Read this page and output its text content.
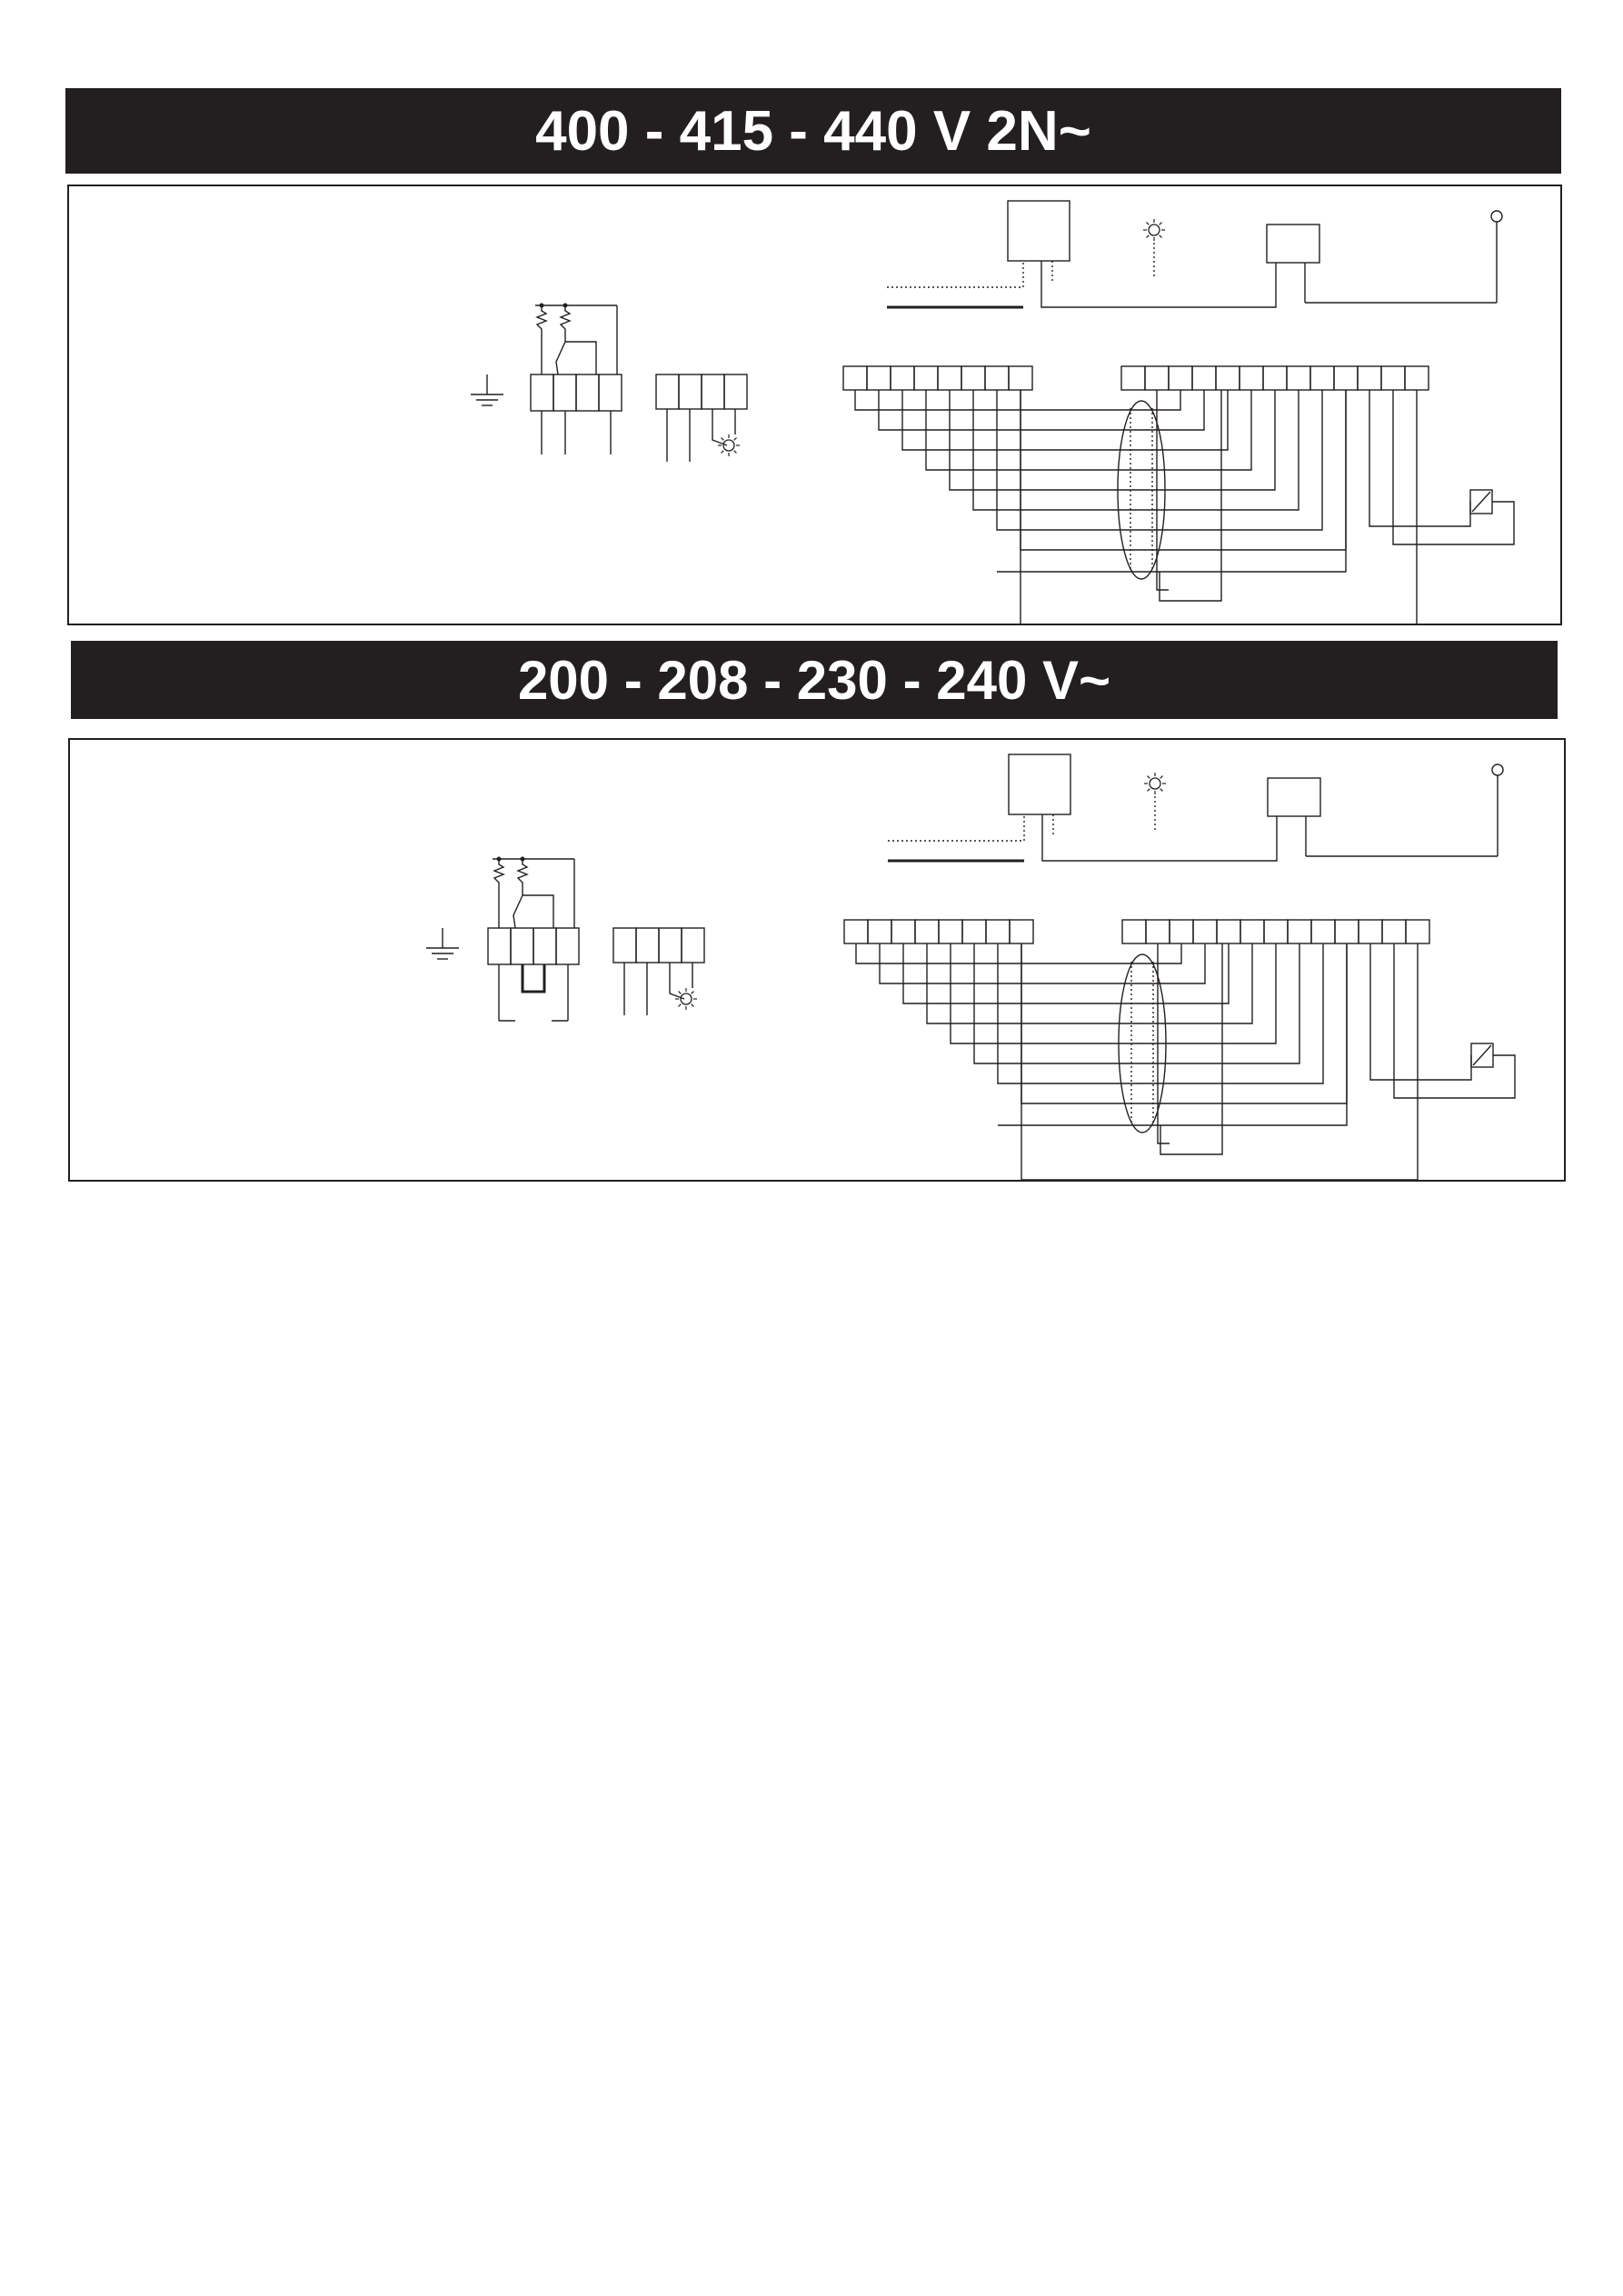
400 - 415 - 440 V 2N~
200 - 208 - 230 - 240 V~
